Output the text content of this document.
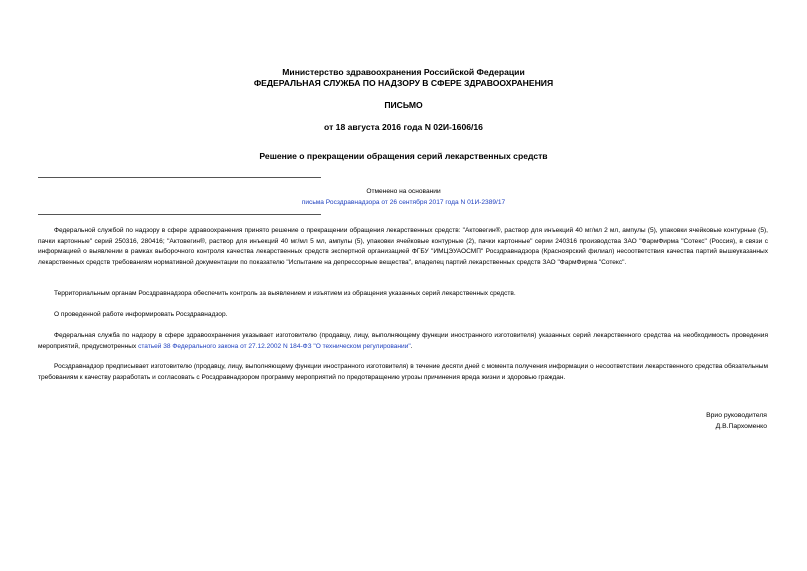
Министерство здравоохранения Российской Федерации
ФЕДЕРАЛЬНАЯ СЛУЖБА ПО НАДЗОРУ В СФЕРЕ ЗДРАВООХРАНЕНИЯ
ПИСЬМО
от 18 августа 2016 года N 02И-1606/16
Решение о прекращении обращения серий лекарственных средств
Отменено на основании
письма Росздравнадзора от 26 сентября 2017 года N 01И-2389/17
Федеральной службой по надзору в сфере здравоохранения принято решение о прекращении обращения лекарственных средств: "Актовегин®, раствор для инъекций 40 мг/мл 2 мл, ампулы (5), упаковки ячейковые контурные (5), пачки картонные" серий 250316, 280416; "Актовегин®, раствор для инъекций 40 мг/мл 5 мл, ампулы (5), упаковки ячейковые контурные (2), пачки картонные" серии 240316 производства ЗАО "ФармФирма "Сотекс" (Россия), в связи с информацией о выявлении в рамках выборочного контроля качества лекарственных средств экспертной организацией ФГБУ "ИМЦЭУАОСМП" Росздравнадзора (Красноярский филиал) несоответствия качества партий вышеуказанных лекарственных средств требованиям нормативной документации по показателю "Испытание на депрессорные вещества", владелец партий лекарственных средств ЗАО "ФармФирма "Сотекс".
Территориальным органам Росздравнадзора обеспечить контроль за выявлением и изъятием из обращения указанных серий лекарственных средств.
О проведенной работе информировать Росздравнадзор.
Федеральная служба по надзору в сфере здравоохранения указывает изготовителю (продавцу, лицу, выполняющему функции иностранного изготовителя) указанных серий лекарственного средства на необходимость проведения мероприятий, предусмотренных статьей 38 Федерального закона от 27.12.2002 N 184-ФЗ "О техническом регулировании".
Росздравнадзор предписывает изготовителю (продавцу, лицу, выполняющему функции иностранного изготовителя) в течение десяти дней с момента получения информации о несоответствии лекарственного средства обязательным требованиям к качеству разработать и согласовать с Росздравнадзором программу мероприятий по предотвращению угрозы причинения вреда жизни и здоровью граждан.
Врио руководителя
Д.В.Пархоменко
